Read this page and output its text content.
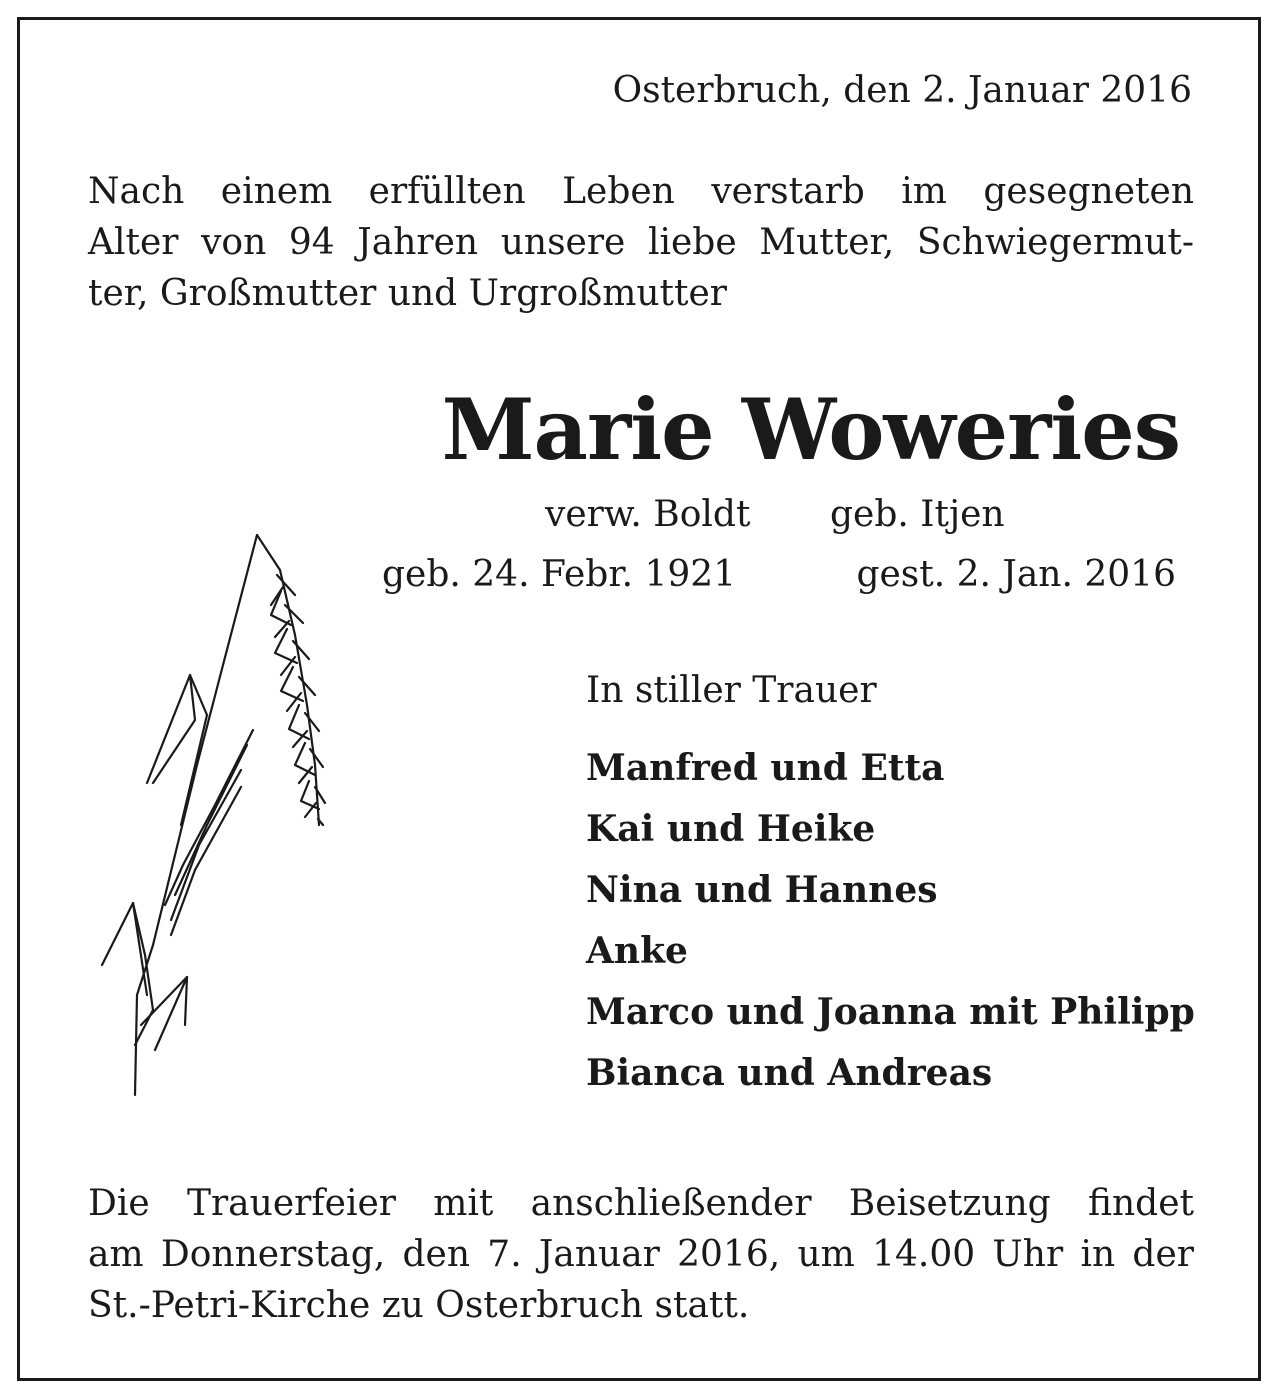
Osterbruch, den 2. Januar 2016
Nach einem erfüllten Leben verstarb im gesegneten
Alter von 94 Jahren unsere liebe Mutter, Schwiegermut-
ter, Großmutter und Urgroßmutter
Marie Woweries
verw. Boldt geb. Itjen
geb. 24. Febr. 1921	gest. 2. Jan. 2016
In stiller Trauer
Manfred und Etta
Kai und Heike
Nina und Hannes
Anke
Marco und Joanna mit Philipp
Bianca und Andreas
Die Trauerfeier mit anschließender Beisetzung findet
am Donnerstag, den 7. Januar 2016, um 14.00 Uhr in der
St.-Petri-Kirche zu Osterbruch statt.
